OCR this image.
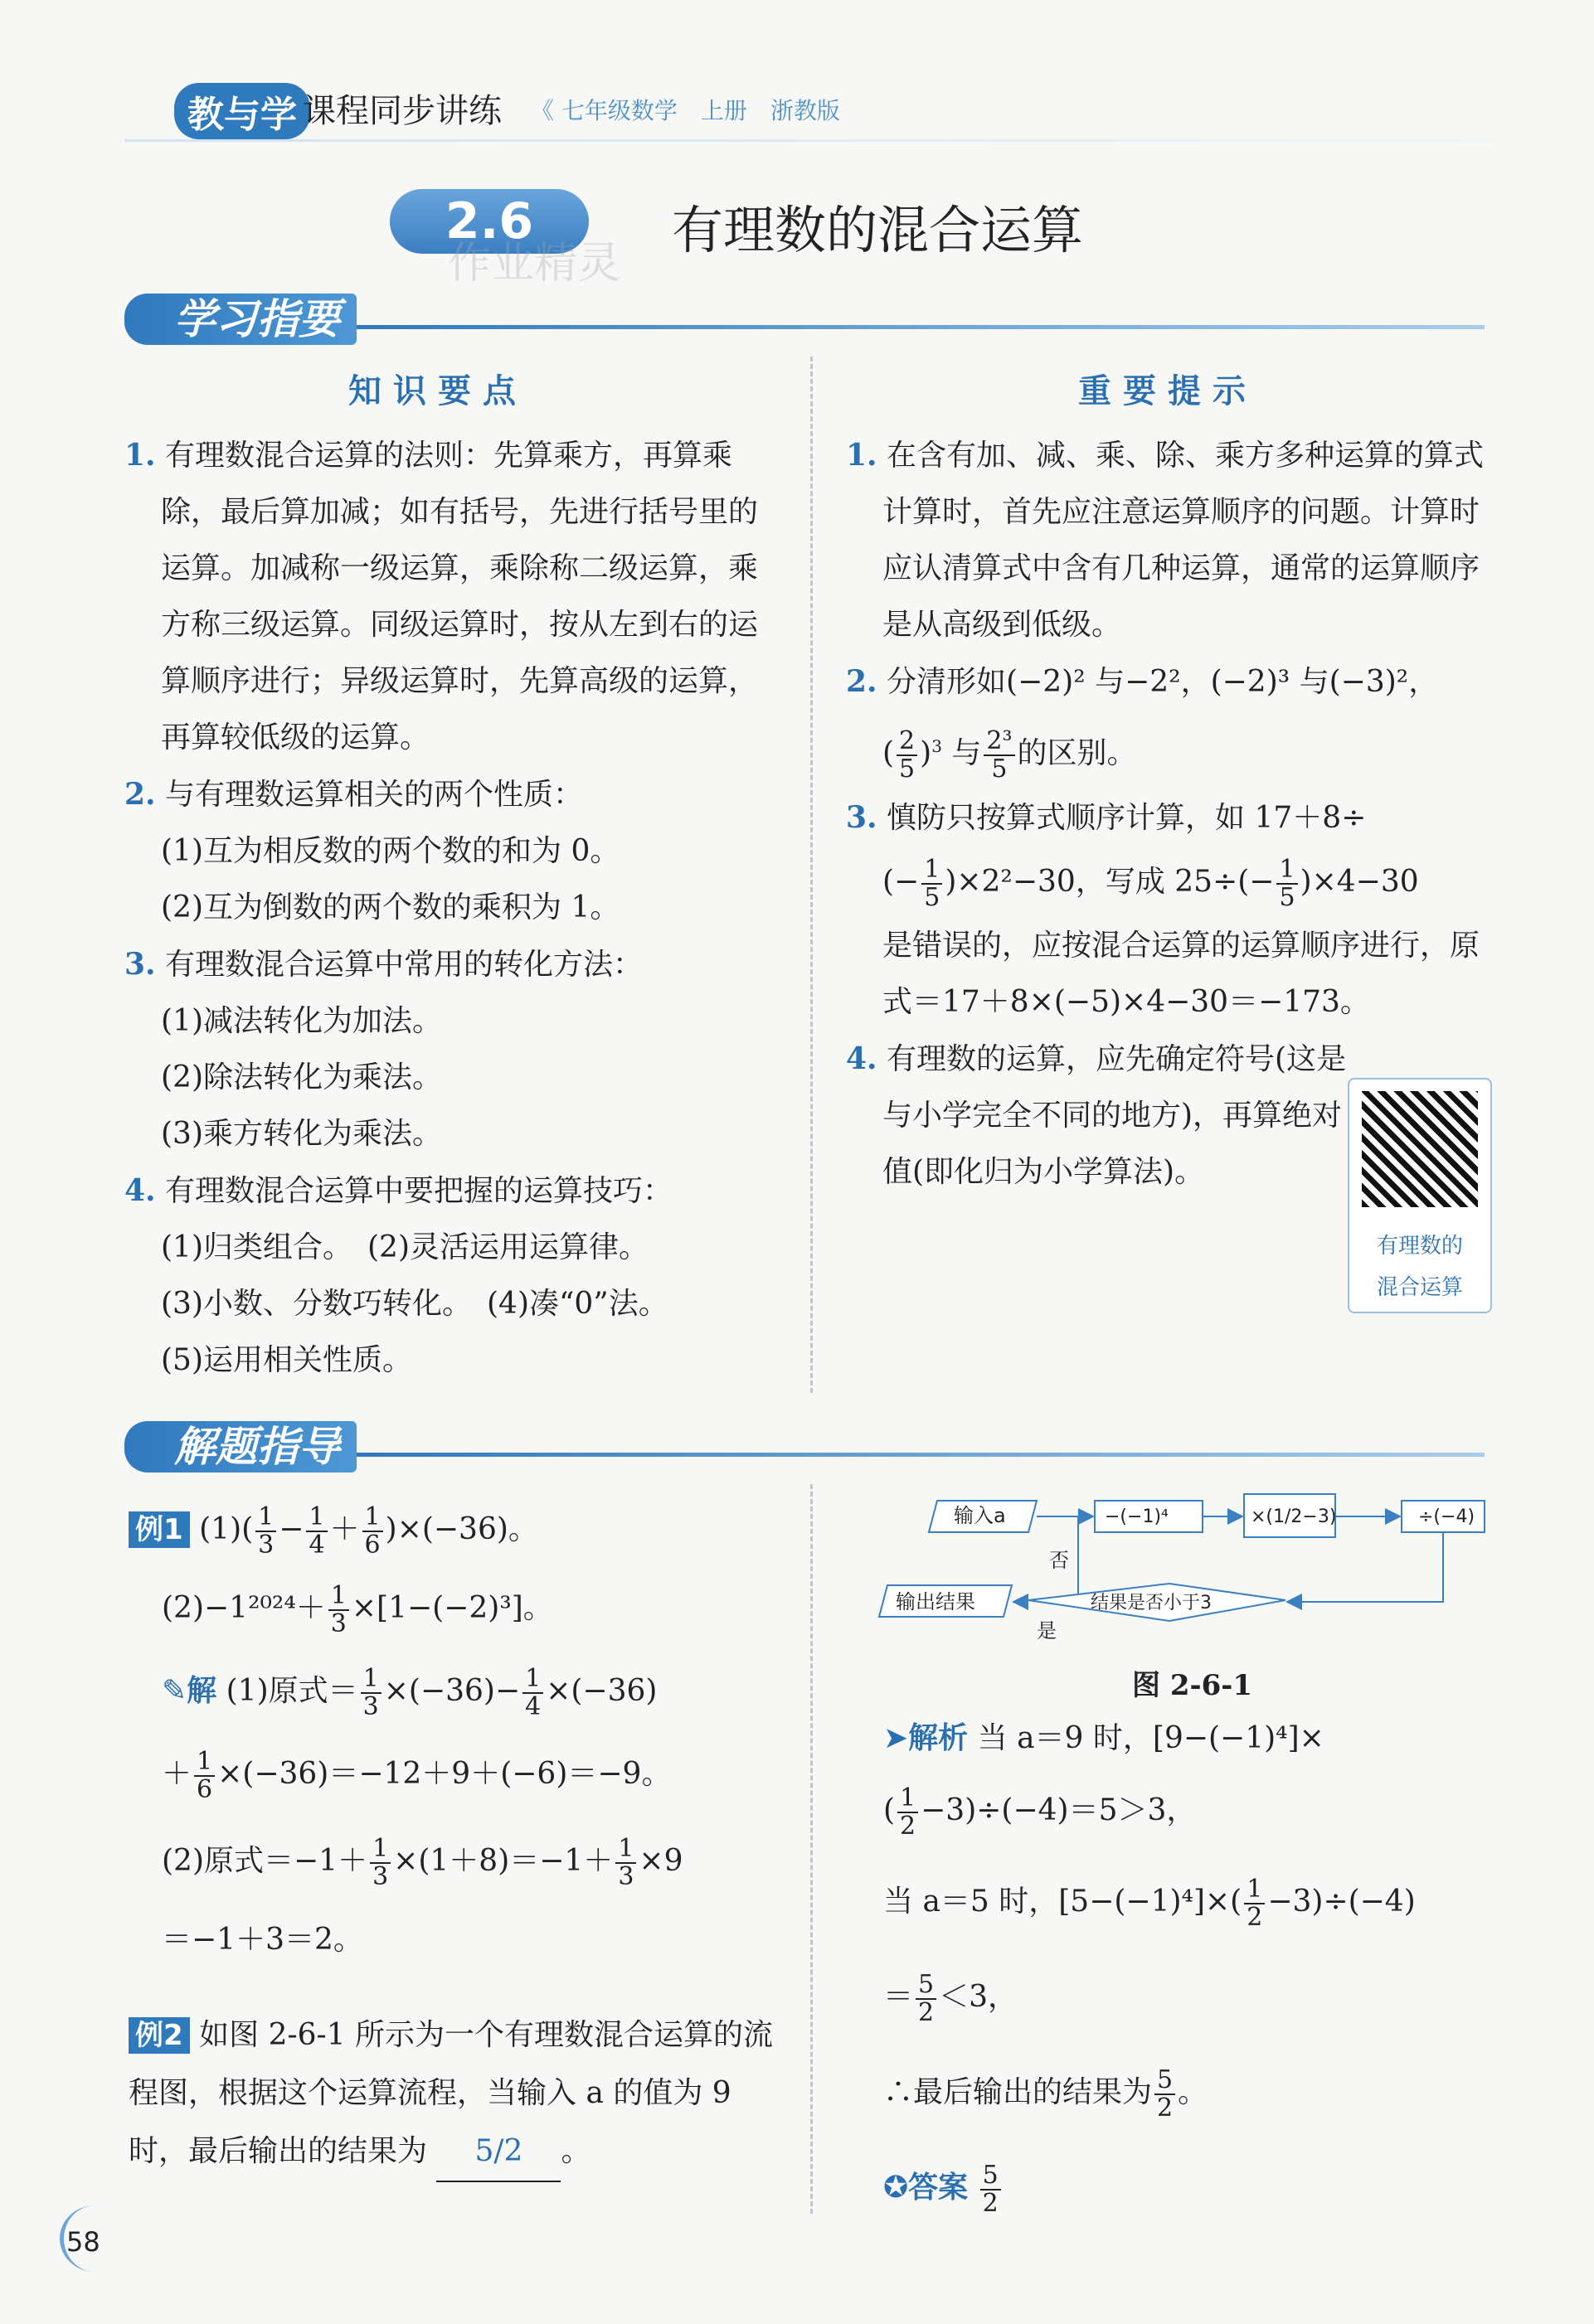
教与学 课程同步讲练 《 七年级数学　上册　浙教版
2.6	有理数的混合运算
作业精灵
学习指要
知识要点
1. 有理数混合运算的法则：先算乘方，再算乘除，最后算加减；如有括号，先进行括号里的运算。加减称一级运算，乘除称二级运算，乘方称三级运算。同级运算时，按从左到右的运算顺序进行；异级运算时，先算高级的运算，再算较低级的运算。
2. 与有理数运算相关的两个性质：
(1)互为相反数的两个数的和为 0。
(2)互为倒数的两个数的乘积为 1。
3. 有理数混合运算中常用的转化方法：
(1)减法转化为加法。
(2)除法转化为乘法。
(3)乘方转化为乘法。
4. 有理数混合运算中要把握的运算技巧：
(1)归类组合。　(2)灵活运用运算律。
(3)小数、分数巧转化。　(4)凑“0”法。
(5)运用相关性质。
重要提示
1. 在含有加、减、乘、除、乘方多种运算的算式计算时，首先应注意运算顺序的问题。计算时应认清算式中含有几种运算，通常的运算顺序是从高级到低级。
2. 分清形如(−2)² 与−2²，(−2)³ 与(−3)²，
( $\frac{2}{5} )^3$ 与 $\frac{\text{2³}}{5}$ 的区别。
3. 慎防只按算式顺序计算，如 17＋8÷
(− $\frac{1}{5} )\times 2^2-30$，写成 $25\div(- \frac{1}{5} )\times 4-30$
是错误的，应按混合运算的运算顺序进行，原式＝17＋8×(−5)×4−30＝−173。
4. 有理数的运算，应先确定符号(这是与小学完全不同的地方)，再算绝对值(即化归为小学算法)。
有理数的
混合运算
解题指导
例1 $(1)( \frac{1}{3} - \frac{1}{4} + \frac{1}{6} )\times(-36)$。
$(2)-1^{2024}+ \frac{1}{3} \times[1-(-2)^3]$。
✎解 (1)原式＝ $\frac{1}{3} \times(-36)- \frac{1}{4} \times(-36)$
＋ $\frac{1}{6} \times(-36)=-12+9+(-6)=-9$。
(2)原式$=-1+ \frac{1}{3} \times(1+8)=-1+ \frac{1}{3} \times 9$
＝−1＋3＝2。
例2 如图 2-6-1 所示为一个有理数混合运算的流程图，根据这个运算流程，当输入 a 的值为 9 时，最后输出的结果为 5/2 。
输入a	−(−1)⁴	×(1/2−3)	÷(−4)
结果是否小于3
输出结果
否
是
图 2-6-1
➤解析 当 a＝9 时，[9−(−1)⁴]×
( $\frac{1}{2} -3)\div(-4)=5>3$，
当 a＝5 时，$[5-(-1)^4]\times( \frac{1}{2} -3)\div(-4)$
＝ $\frac{5}{2} <3$，
∴最后输出的结果为 $\frac{5}{2}$ 。
✪答案 $\frac{5}{2}$
58
